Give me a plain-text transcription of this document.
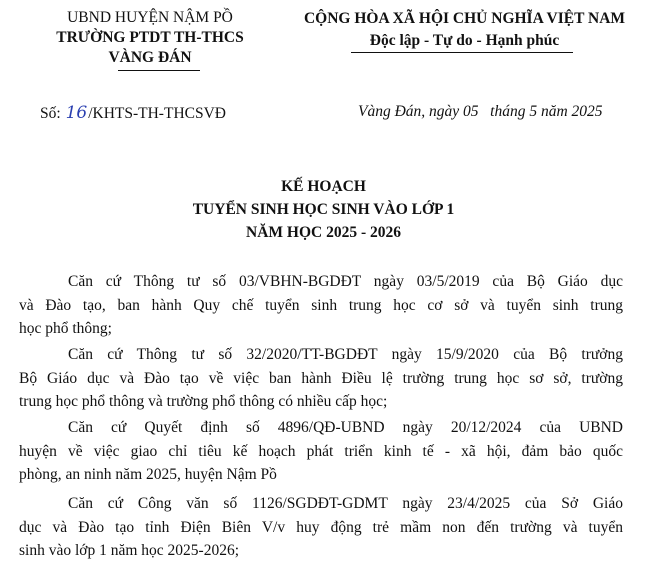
UBND HUYỆN NẬM PỒ
TRƯỜNG PTDT TH-THCS
VÀNG ĐÁN
CỘNG HÒA XÃ HỘI CHỦ NGHĨA VIỆT NAM
Độc lập - Tự do - Hạnh phúc
Số: 16/KHTS-TH-THCSVĐ	Vàng Đán, ngày 05   tháng 5 năm 2025
KẾ HOẠCH
TUYỂN SINH HỌC SINH VÀO LỚP 1
NĂM HỌC 2025 - 2026
Căn cứ Thông tư số 03/VBHN-BGDĐT ngày 03/5/2019 của Bộ Giáo dục
và Đào tạo, ban hành Quy chế tuyển sinh trung học cơ sở và tuyển sinh trung
học phổ thông;
Căn cứ Thông tư số 32/2020/TT-BGDĐT ngày 15/9/2020 của Bộ trưởng
Bộ Giáo dục và Đào tạo về việc ban hành Điều lệ trường trung học sơ sở, trường
trung học phổ thông và trường phổ thông có nhiều cấp học;
Căn cứ Quyết định số 4896/QĐ-UBND ngày 20/12/2024 của UBND
huyện về việc giao chỉ tiêu kế hoạch phát triển kinh tế - xã hội, đảm bảo quốc
phòng, an ninh năm 2025, huyện Nậm Pồ
Căn cứ Công văn số 1126/SGDĐT-GDMT ngày 23/4/2025 của Sở Giáo
dục và Đào tạo tỉnh Điện Biên V/v huy động trẻ mầm non đến trường và tuyển
sinh vào lớp 1 năm học 2025-2026;
